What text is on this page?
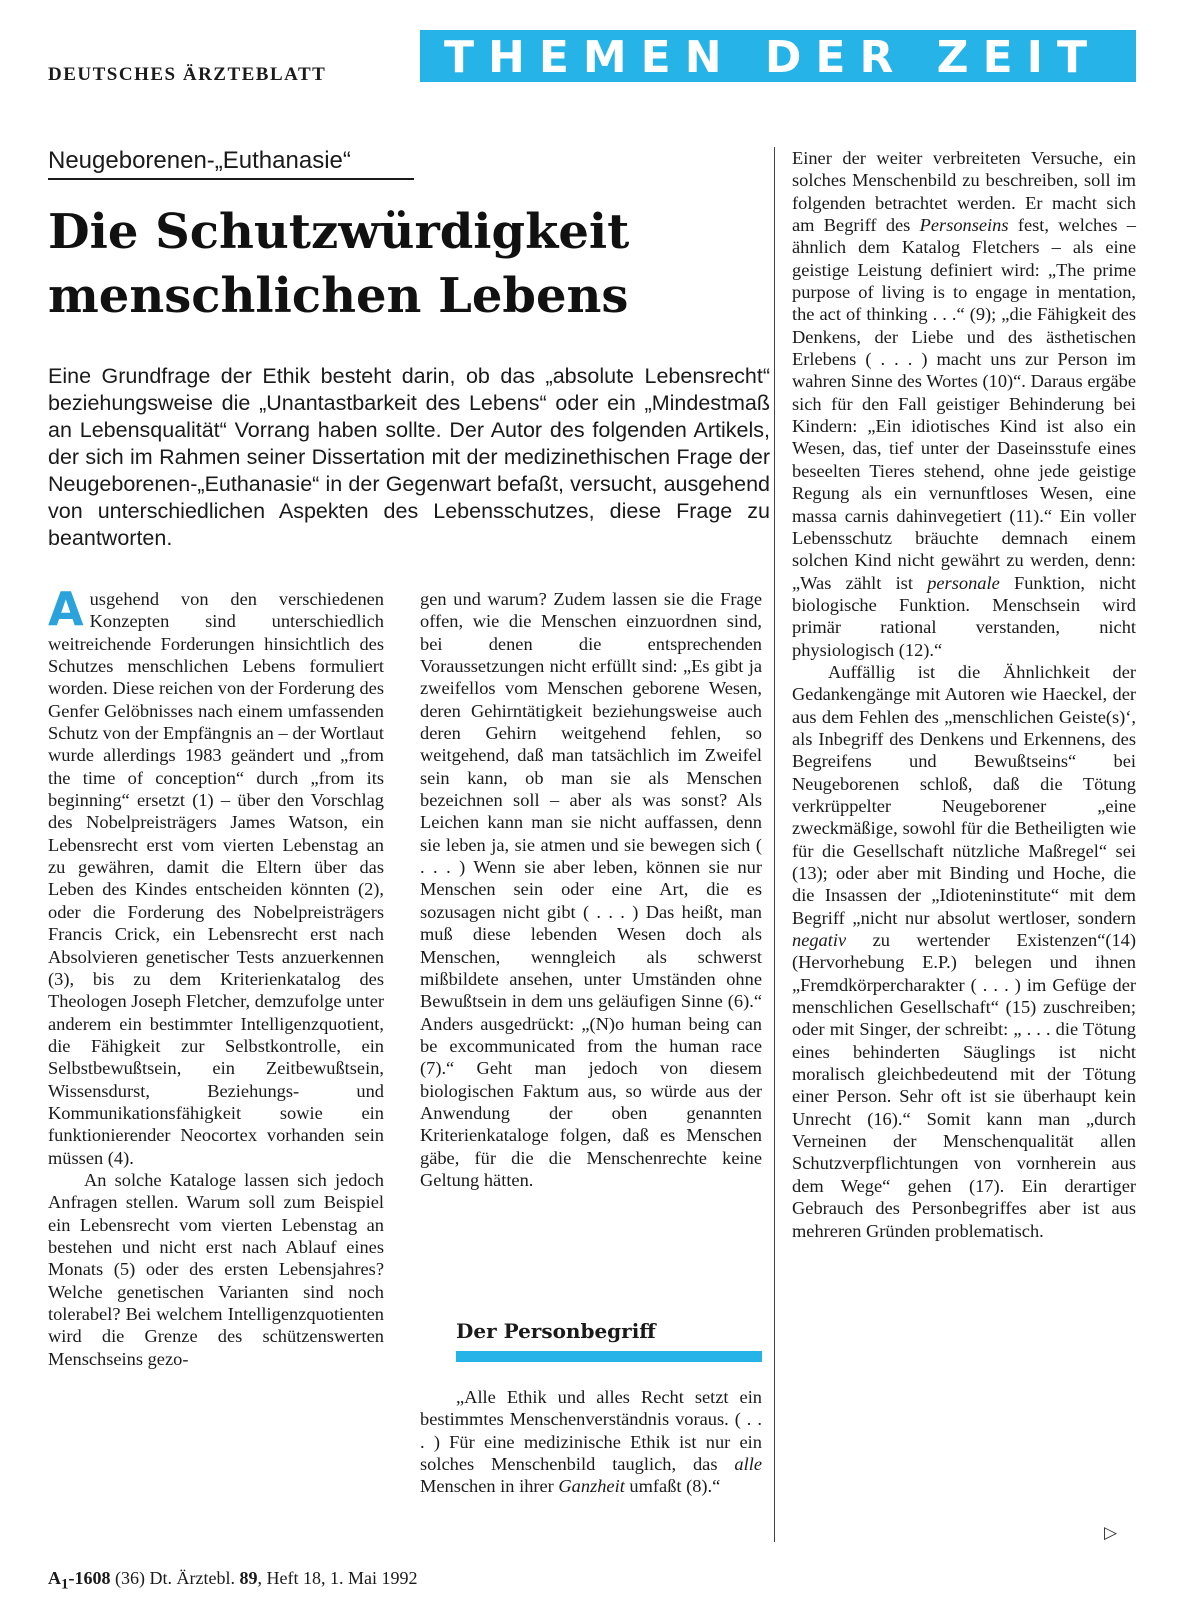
DEUTSCHES ÄRZTEBLATT	THEMEN DER ZEIT
Neugeborenen-„Euthanasie“
Die Schutzwürdigkeit menschlichen Lebens

Eine Grundfrage der Ethik besteht darin, ob das „absolute Lebensrecht“ beziehungsweise die „Unantastbarkeit des Lebens“ oder ein „Mindestmaß an Lebensqualität“ Vorrang haben sollte. Der Autor des folgenden Artikels, der sich im Rahmen seiner Dissertation mit der medizinethischen Frage der Neugeborenen-„Euthanasie“ in der Gegenwart befaßt, versucht, ausgehend von unterschiedlichen Aspekten des Lebensschutzes, diese Frage zu beantworten.

Ausgehend von den verschiedenen Konzepten sind unterschiedlich weitreichende Forderungen hinsichtlich des Schutzes menschlichen Lebens formuliert worden. Diese reichen von der Forderung des Genfer Gelöbnisses nach einem umfassenden Schutz von der Empfängnis an – der Wortlaut wurde allerdings 1983 geändert und „from the time of conception“ durch „from its beginning“ ersetzt (1) – über den Vorschlag des Nobelpreisträgers James Watson, ein Lebensrecht erst vom vierten Lebenstag an zu gewähren, damit die Eltern über das Leben des Kindes entscheiden könnten (2), oder die Forderung des Nobelpreisträgers Francis Crick, ein Lebensrecht erst nach Absolvieren genetischer Tests anzuerkennen (3), bis zu dem Kriterienkatalog des Theologen Joseph Fletcher, demzufolge unter anderem ein bestimmter Intelligenzquotient, die Fähigkeit zur Selbstkontrolle, ein Selbstbewußtsein, ein Zeitbewußtsein, Wissensdurst, Beziehungs- und Kommunikationsfähigkeit sowie ein funktionierender Neocortex vorhanden sein müssen (4).

An solche Kataloge lassen sich jedoch Anfragen stellen. Warum soll zum Beispiel ein Lebensrecht vom vierten Lebenstag an bestehen und nicht erst nach Ablauf eines Monats (5) oder des ersten Lebensjahres? Welche genetischen Varianten sind noch tolerabel? Bei welchem Intelligenzquotienten wird die Grenze des schützenswerten Menschseins gezo-

gen und warum? Zudem lassen sie die Frage offen, wie die Menschen einzuordnen sind, bei denen die entsprechenden Voraussetzungen nicht erfüllt sind: „Es gibt ja zweifellos vom Menschen geborene Wesen, deren Gehirntätigkeit beziehungsweise auch deren Gehirn weitgehend fehlen, so weitgehend, daß man tatsächlich im Zweifel sein kann, ob man sie als Menschen bezeichnen soll – aber als was sonst? Als Leichen kann man sie nicht auffassen, denn sie leben ja, sie atmen und sie bewegen sich ( . . . ) Wenn sie aber leben, können sie nur Menschen sein oder eine Art, die es sozusagen nicht gibt ( . . . ) Das heißt, man muß diese lebenden Wesen doch als Menschen, wenngleich als schwerst mißbildete ansehen, unter Umständen ohne Bewußtsein in dem uns geläufigen Sinne (6).“ Anders ausgedrückt: „(N)o human being can be excommunicated from the human race (7).“ Geht man jedoch von diesem biologischen Faktum aus, so würde aus der Anwendung der oben genannten Kriterienkataloge folgen, daß es Menschen gäbe, für die die Menschenrechte keine Geltung hätten.

Der Personbegriff

„Alle Ethik und alles Recht setzt ein bestimmtes Menschenverständnis voraus. ( . . . ) Für eine medizinische Ethik ist nur ein solches Menschenbild tauglich, das alle Menschen in ihrer Ganzheit umfaßt (8).“

Einer der weiter verbreiteten Versuche, ein solches Menschenbild zu beschreiben, soll im folgenden betrachtet werden. Er macht sich am Begriff des Personseins fest, welches – ähnlich dem Katalog Fletchers – als eine geistige Leistung definiert wird: „The prime purpose of living is to engage in mentation, the act of thinking . . .“ (9); „die Fähigkeit des Denkens, der Liebe und des ästhetischen Erlebens ( . . . ) macht uns zur Person im wahren Sinne des Wortes (10)“. Daraus ergäbe sich für den Fall geistiger Behinderung bei Kindern: „Ein idiotisches Kind ist also ein Wesen, das, tief unter der Daseinsstufe eines beseelten Tieres stehend, ohne jede geistige Regung als ein vernunftloses Wesen, eine massa carnis dahinvegetiert (11).“ Ein voller Lebensschutz bräuchte demnach einem solchen Kind nicht gewährt zu werden, denn: „Was zählt ist personale Funktion, nicht biologische Funktion. Menschsein wird primär rational verstanden, nicht physiologisch (12).“

Auffällig ist die Ähnlichkeit der Gedankengänge mit Autoren wie Haeckel, der aus dem Fehlen des „menschlichen Geiste(s)‘, als Inbegriff des Denkens und Erkennens, des Begreifens und Bewußtseins“ bei Neugeborenen schloß, daß die Tötung verkrüppelter Neugeborener „eine zweckmäßige, sowohl für die Betheiligten wie für die Gesellschaft nützliche Maßregel“ sei (13); oder aber mit Binding und Hoche, die die Insassen der „Idioteninstitute“ mit dem Begriff „nicht nur absolut wertloser, sondern negativ zu wertender Existenzen“(14) (Hervorhebung E.P.) belegen und ihnen „Fremdkörpercharakter ( . . . ) im Gefüge der menschlichen Gesellschaft“ (15) zuschreiben; oder mit Singer, der schreibt: „ . . . die Tötung eines behinderten Säuglings ist nicht moralisch gleichbedeutend mit der Tötung einer Person. Sehr oft ist sie überhaupt kein Unrecht (16).“ Somit kann man „durch Verneinen der Menschenqualität allen Schutzverpflichtungen von vornherein aus dem Wege“ gehen (17). Ein derartiger Gebrauch des Personbegriffes aber ist aus mehreren Gründen problematisch.

▷
$A_1-1608$ (36) Dt. Ärztebl. 89, Heft 18, 1. Mai 1992
